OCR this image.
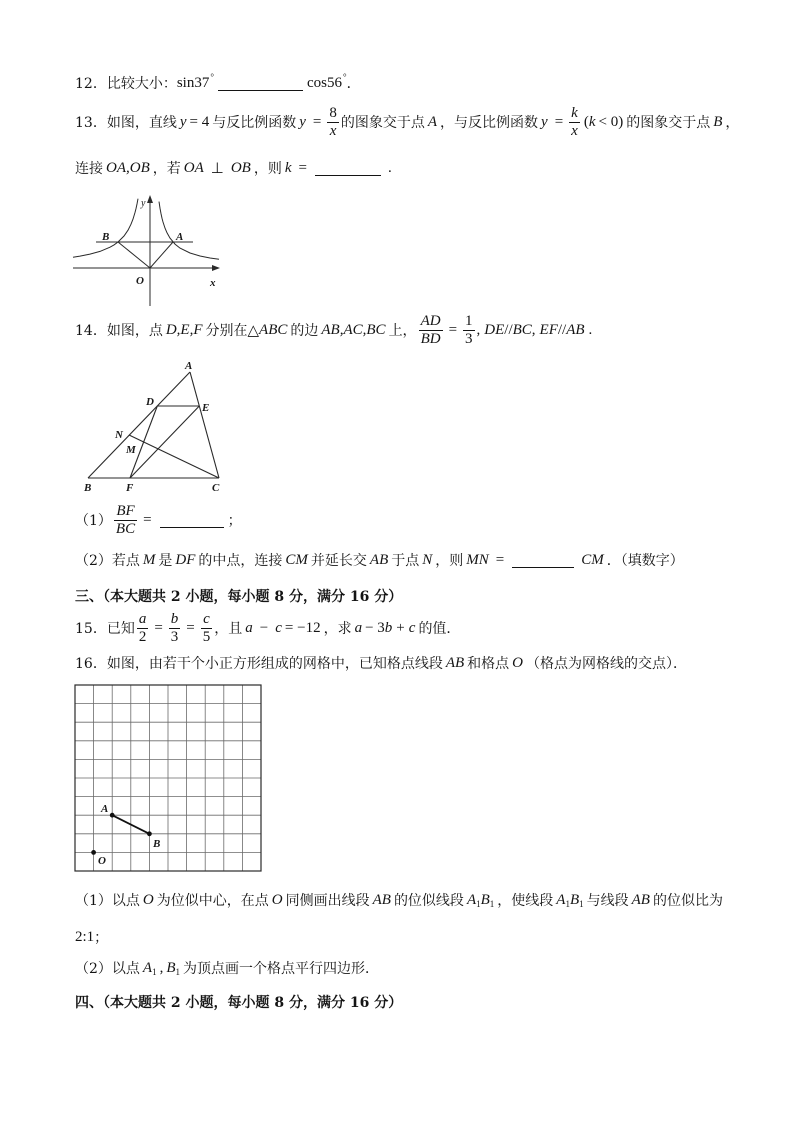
12． 比较大小： sin37 °	cos56 ° ．
13． 如图，直线 y = 4 与反比例函数 $y = \frac{8}{x}$ 的图象交于点 A ，与反比例函数 $y = \frac{k}{x}$ ( k < 0) 的图象交于点 B ，
连接 OA,OB ，若 OA ⊥ OB ，则 k =	.
y
x
O
B	A
14． 如图，点 D,E,F 分别在 △ ABC 的边 AB,AC,BC 上， $\frac{AD}{BD} = \frac{1}{3}$ , DE // BC , EF // AB .
A
D	E
N
M
B	F	C
$(1) \frac{BF}{BC}$ =	；
（2） 若点 M 是 DF 的中点，连接 CM 并延长交 AB 于点 N ，则 MN =	CM ．（填数字）
三、（本大题共 2 小题，每小题 8 分，满分 16 分）
15． 已知 $\frac{a}{2} = \frac{b}{3} = \frac{c}{5}$ ，且 a − c = −12 ，求 a − 3 b + c 的值．
16． 如图，由若干个小正方形组成的网格中，已知格点线段 AB 和格点 O （格点为网格线的交点）．
A
B
O
（1） 以点 O 为位似中心，在点 O 同侧画出线段 AB 的位似线段 A 1 B 1 ，使线段 A 1 B 1 与线段 AB 的位似比为
2:1 ；
（2） 以点 A 1 , B 1 为顶点画一个格点平行四边形．
四、（本大题共 2 小题，每小题 8 分，满分 16 分）
